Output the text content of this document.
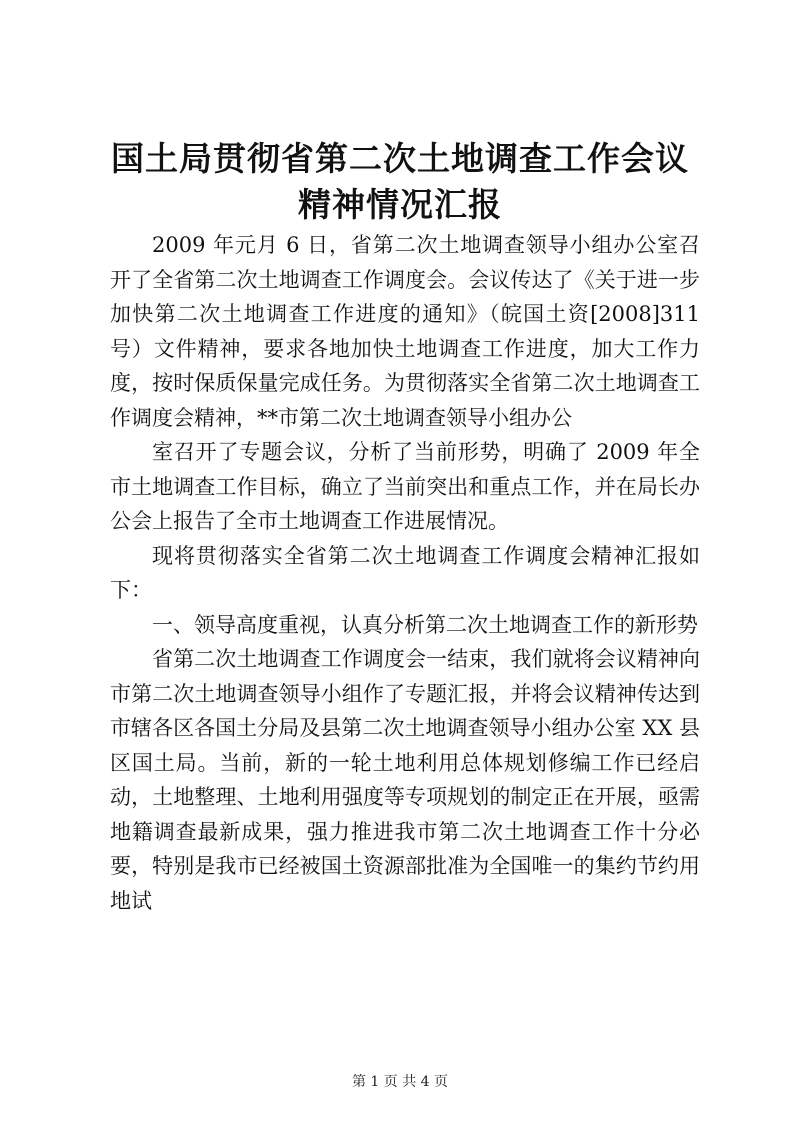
国土局贯彻省第二次土地调查工作会议精神情况汇报

2009 年元月 6 日，省第二次土地调查领导小组办公室召开了全省第二次土地调查工作调度会。会议传达了《关于进一步加快第二次土地调查工作进度的通知》（皖国土资[2008]311 号）文件精神，要求各地加快土地调查工作进度，加大工作力度，按时保质保量完成任务。为贯彻落实全省第二次土地调查工作调度会精神，**市第二次土地调查领导小组办公

室召开了专题会议，分析了当前形势，明确了 2009 年全市土地调查工作目标，确立了当前突出和重点工作，并在局长办公会上报告了全市土地调查工作进展情况。

现将贯彻落实全省第二次土地调查工作调度会精神汇报如下：

一、领导高度重视，认真分析第二次土地调查工作的新形势

省第二次土地调查工作调度会一结束，我们就将会议精神向市第二次土地调查领导小组作了专题汇报，并将会议精神传达到市辖各区各国土分局及县第二次土地调查领导小组办公室 XX 县区国土局。当前，新的一轮土地利用总体规划修编工作已经启动，土地整理、土地利用强度等专项规划的制定正在开展，亟需地籍调查最新成果，强力推进我市第二次土地调查工作十分必要，特别是我市已经被国土资源部批准为全国唯一的集约节约用地试

第 1 页 共 4 页
